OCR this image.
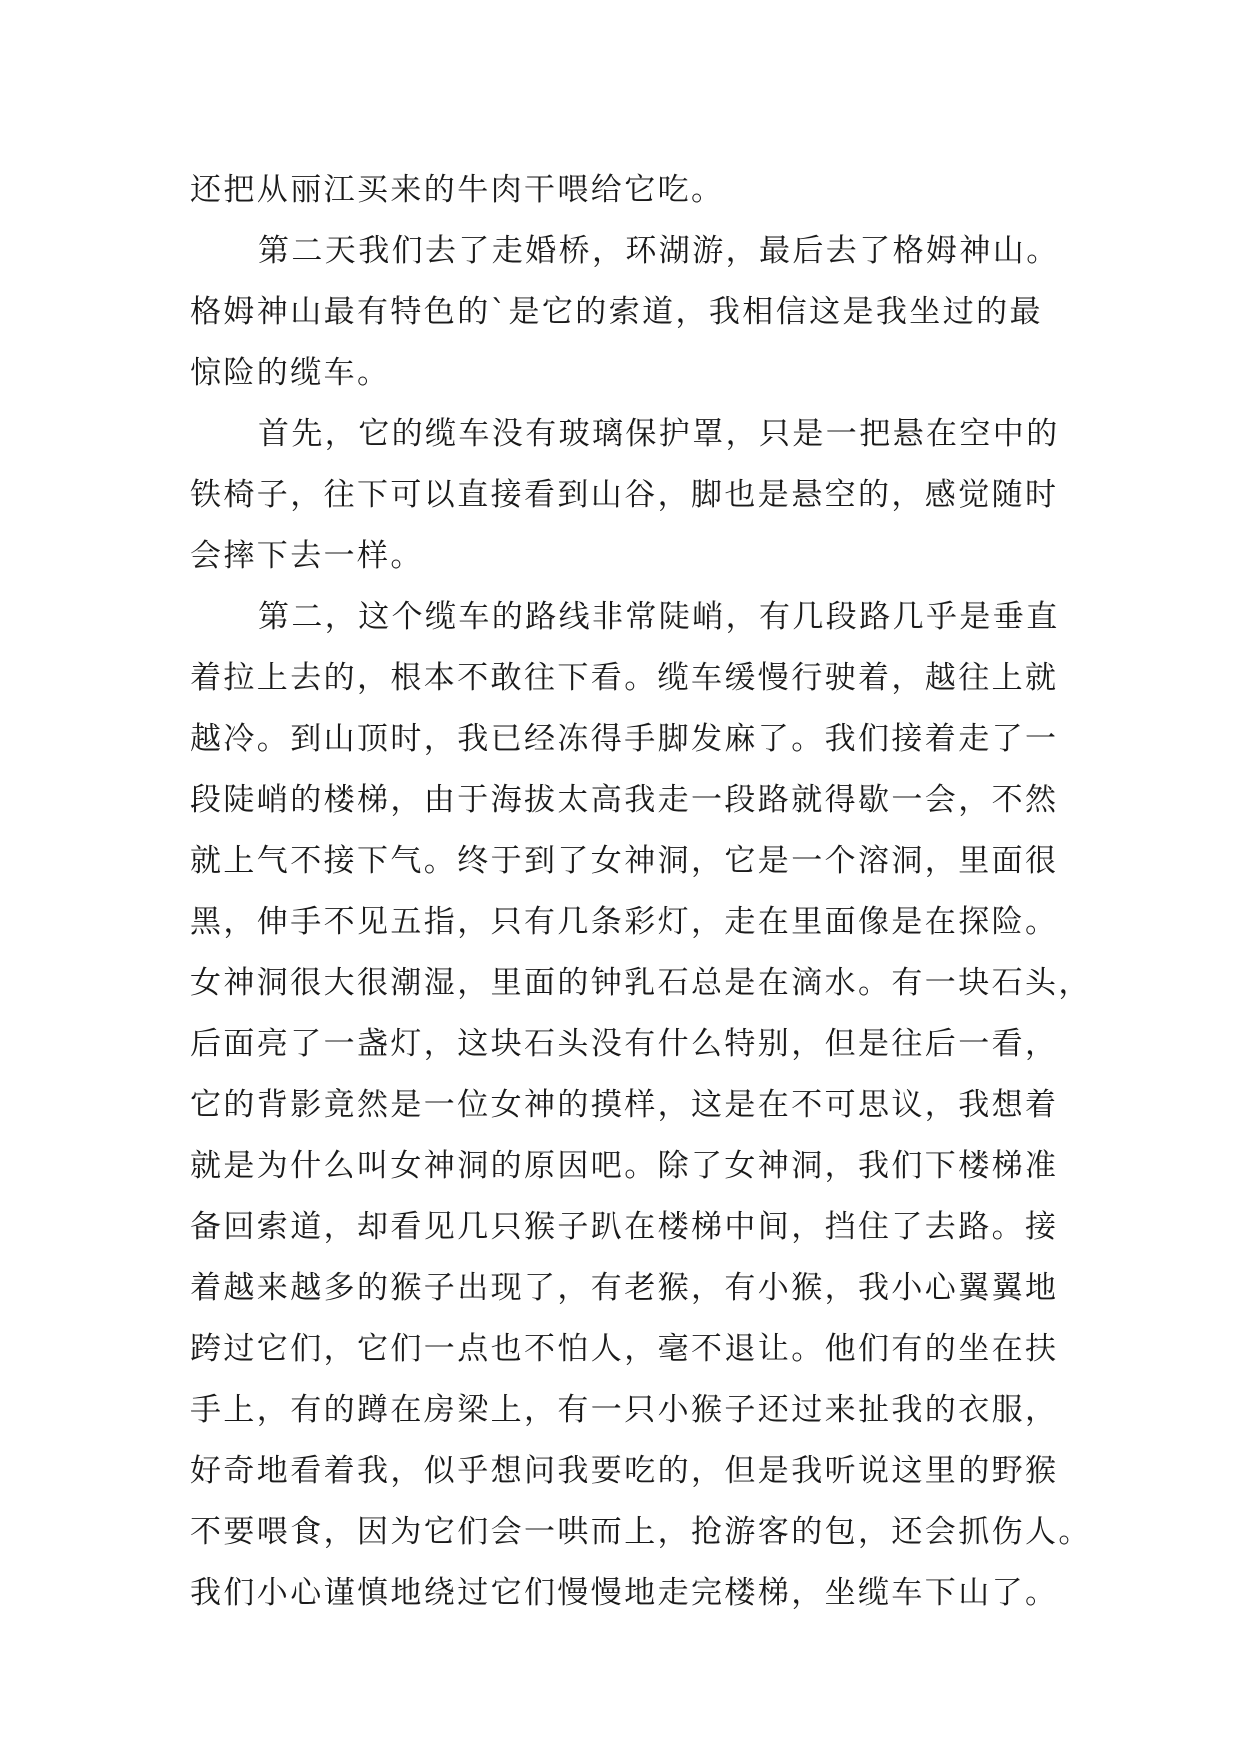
还把从丽江买来的牛肉干喂给它吃。
第二天我们去了走婚桥，环湖游，最后去了格姆神山。
格姆神山最有特色的`是它的索道，我相信这是我坐过的最
惊险的缆车。
首先，它的缆车没有玻璃保护罩，只是一把悬在空中的
铁椅子，往下可以直接看到山谷，脚也是悬空的，感觉随时
会摔下去一样。
第二，这个缆车的路线非常陡峭，有几段路几乎是垂直
着拉上去的，根本不敢往下看。缆车缓慢行驶着，越往上就
越冷。到山顶时，我已经冻得手脚发麻了。我们接着走了一
段陡峭的楼梯，由于海拔太高我走一段路就得歇一会，不然
就上气不接下气。终于到了女神洞，它是一个溶洞，里面很
黑，伸手不见五指，只有几条彩灯，走在里面像是在探险。
女神洞很大很潮湿，里面的钟乳石总是在滴水。有一块石头，
后面亮了一盏灯，这块石头没有什么特别，但是往后一看，
它的背影竟然是一位女神的摸样，这是在不可思议，我想着
就是为什么叫女神洞的原因吧。除了女神洞，我们下楼梯准
备回索道，却看见几只猴子趴在楼梯中间，挡住了去路。接
着越来越多的猴子出现了，有老猴，有小猴，我小心翼翼地
跨过它们，它们一点也不怕人，毫不退让。他们有的坐在扶
手上，有的蹲在房梁上，有一只小猴子还过来扯我的衣服，
好奇地看着我，似乎想问我要吃的，但是我听说这里的野猴
不要喂食，因为它们会一哄而上，抢游客的包，还会抓伤人。
我们小心谨慎地绕过它们慢慢地走完楼梯，坐缆车下山了。
